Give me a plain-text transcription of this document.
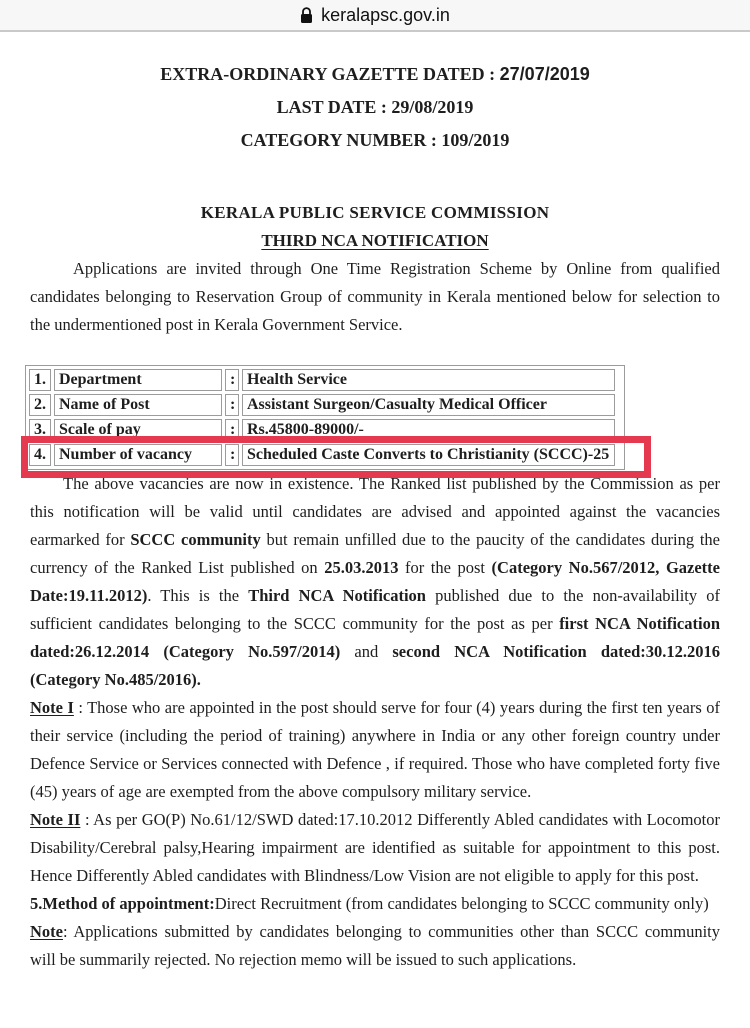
keralapsc.gov.in
EXTRA-ORDINARY GAZETTE DATED : 27/07/2019
LAST DATE : 29/08/2019
CATEGORY NUMBER : 109/2019
KERALA PUBLIC SERVICE COMMISSION
THIRD NCA NOTIFICATION

Applications are invited through One Time Registration Scheme by Online from qualified candidates belonging to Reservation Group of community in Kerala mentioned below for selection to the undermentioned post in Kerala Government Service.

1.	Department	:	Health Service
2.	Name of Post	:	Assistant Surgeon/Casualty Medical Officer
3.	Scale of pay	:	Rs.45800-89000/-
4.	Number of vacancy	:	Scheduled Caste Converts to Christianity (SCCC)-25

The above vacancies are now in existence. The Ranked list published by the Commission as per this notification will be valid until candidates are advised and appointed against the vacancies earmarked for SCCC community but remain unfilled due to the paucity of the candidates during the currency of the Ranked List published on 25.03.2013 for the post (Category No.567/2012, Gazette Date:19.11.2012). This is the Third NCA Notification published due to the non-availability of sufficient candidates belonging to the SCCC community for the post as per first NCA Notification dated:26.12.2014 (Category No.597/2014) and second NCA Notification dated:30.12.2016 (Category No.485/2016).

Note I : Those who are appointed in the post should serve for four (4) years during the first ten years of their service (including the period of training) anywhere in India or any other foreign country under Defence Service or Services connected with Defence , if required. Those who have completed forty five (45) years of age are exempted from the above compulsory military service.

Note II : As per GO(P) No.61/12/SWD dated:17.10.2012 Differently Abled candidates with Locomotor Disability/Cerebral palsy,Hearing impairment are identified as suitable for appointment to this post. Hence Differently Abled candidates with Blindness/Low Vision are not eligible to apply for this post.

5.Method of appointment:Direct Recruitment (from candidates belonging to SCCC community only)

Note: Applications submitted by candidates belonging to communities other than SCCC community will be summarily rejected. No rejection memo will be issued to such applications.
